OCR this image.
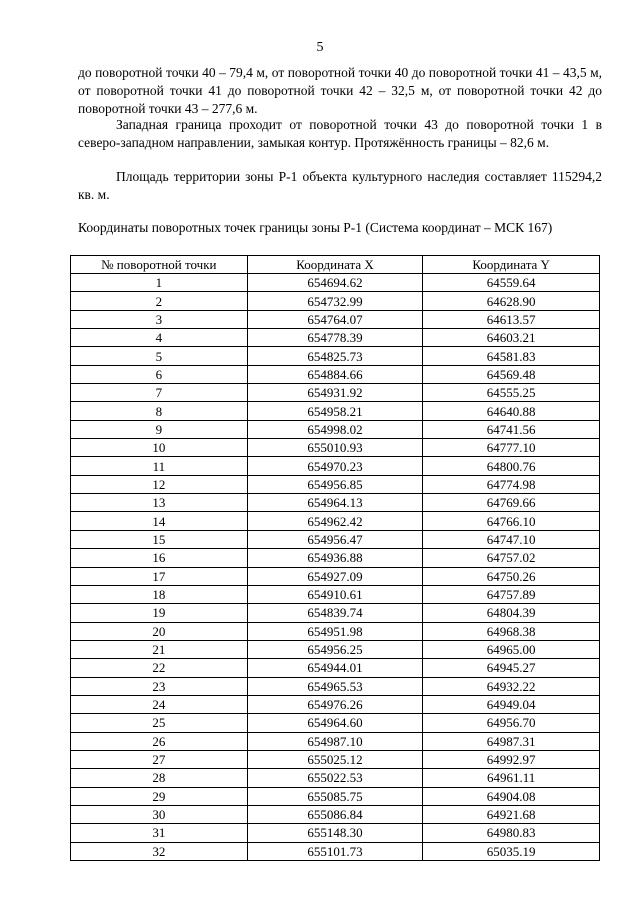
5
до поворотной точки 40 – 79,4 м, от поворотной точки 40 до поворотной точки 41 – 43,5 м, от поворотной точки 41 до поворотной точки 42 – 32,5 м, от поворотной точки 42 до поворотной точки 43 – 277,6 м.
Западная граница проходит от поворотной точки 43 до поворотной точки 1 в северо-западном направлении, замыкая контур. Протяжённость границы – 82,6 м.
Площадь территории зоны Р-1 объекта культурного наследия составляет 115294,2 кв. м.
Координаты поворотных точек границы зоны Р-1 (Система координат – МСК 167)
№ поворотной точки	Координата X	Координата Y
1	654694.62	64559.64
2	654732.99	64628.90
3	654764.07	64613.57
4	654778.39	64603.21
5	654825.73	64581.83
6	654884.66	64569.48
7	654931.92	64555.25
8	654958.21	64640.88
9	654998.02	64741.56
10	655010.93	64777.10
11	654970.23	64800.76
12	654956.85	64774.98
13	654964.13	64769.66
14	654962.42	64766.10
15	654956.47	64747.10
16	654936.88	64757.02
17	654927.09	64750.26
18	654910.61	64757.89
19	654839.74	64804.39
20	654951.98	64968.38
21	654956.25	64965.00
22	654944.01	64945.27
23	654965.53	64932.22
24	654976.26	64949.04
25	654964.60	64956.70
26	654987.10	64987.31
27	655025.12	64992.97
28	655022.53	64961.11
29	655085.75	64904.08
30	655086.84	64921.68
31	655148.30	64980.83
32	655101.73	65035.19
